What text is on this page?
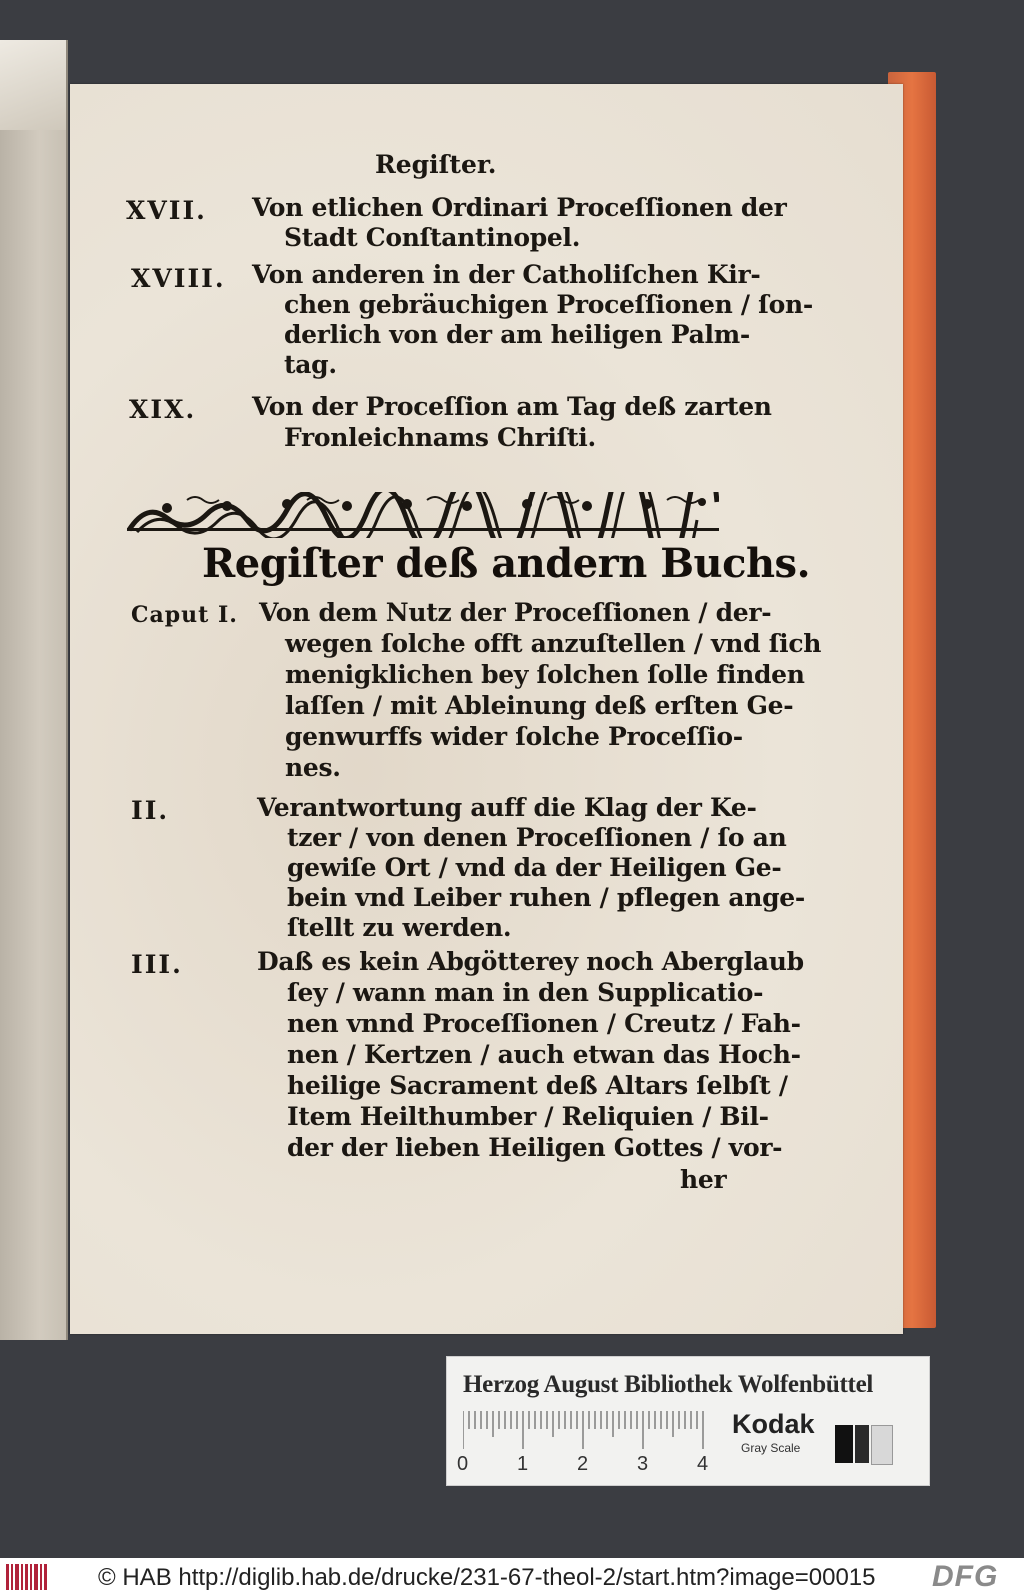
Regiſter.
XVII. Von etlichen Ordinari Proceſſionen der
Stadt Conſtantinopel.
XVIII. Von anderen in der Catholiſchen Kir-
chen gebräuchigen Proceſſionen / ſon-
derlich von der am heiligen Palm-
tag.
XIX. Von der Proceſſion am Tag deß zarten
Fronleichnams Chriſti.
Regiſter deß andern Buchs.
Caput I. Von dem Nutz der Proceſſionen / der-
wegen ſolche offt anzuſtellen / vnd ſich
menigklichen bey ſolchen ſolle finden
laſſen / mit Ableinung deß erſten Ge-
genwurffs wider ſolche Proceſſio-
nes.
II.	Verantwortung auff die Klag der Ke-
tzer / von denen Proceſſionen / ſo an
gewiſe Ort / vnd da der Heiligen Ge-
bein vnd Leiber ruhen / pflegen ange-
ſtellt zu werden.
III.	Daß es kein Abgötterey noch Aberglaub
ſey / wann man in den Supplicatio-
nen vnnd Proceſſionen / Creutz / Fah-
nen / Kertzen / auch etwan das Hoch-
heilige Sacrament deß Altars ſelbſt /
Item Heilthumber / Reliquien / Bil-
der der lieben Heiligen Gottes / vor-
her
Herzog August Bibliothek Wolfenbüttel
0 1 2 3 4
Kodak
Gray Scale
© HAB http://diglib.hab.de/drucke/231-67-theol-2/start.htm?image=00015 DFG
